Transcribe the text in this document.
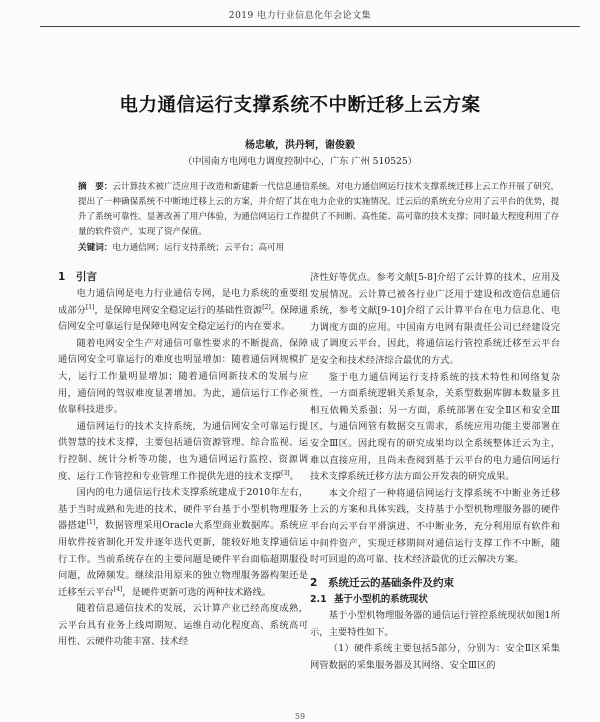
2019 电力行业信息化年会论文集
电力通信运行支撑系统不中断迁移上云方案
杨忠敏，洪丹轲，谢俊毅
（中国南方电网电力调度控制中心，广东 广州 510525）

摘　要：云计算技术被广泛应用于改造和新建新一代信息通信系统。对电力通信网运行技术支撑系统迁移上云工作开展了研究，提出了一种确保系统不中断地迁移上云的方案，并介绍了其在电力企业的实施情况。迁云后的系统充分应用了云平台的优势，提升了系统可靠性、显著改善了用户体验，为通信网运行工作提供了不间断、高性能、高可靠的技术支撑；同时最大程度利用了存量的软件资产，实现了资产保值。

关键词：电力通信网；运行支持系统；云平台；高可用

1 引言

电力通信网是电力行业通信专网，是电力系统的重要组成部分[1]，是保障电网安全稳定运行的基础性资源[2]。保障通信网安全可靠运行是保障电网安全稳定运行的内在要求。

随着电网安全生产对通信可靠性要求的不断提高，保障通信网安全可靠运行的难度也明显增加：随着通信网规模扩大，运行工作量明显增加；随着通信网新技术的发展与应用，通信网的驾驭难度显著增加。为此，通信运行工作必须依靠科技进步。

通信网运行的技术支持系统，为通信网安全可靠运行提供智慧的技术支撑，主要包括通信资源管理、综合监视、运行控制、统计分析等功能，也为通信网运行监控、资源调度、运行工作管控和专业管理工作提供先进的技术支撑[3]。

国内的电力通信运行技术支撑系统建成于2010年左右，基于当时成熟和先进的技术，硬件平台基于小型机物理服务器搭建[1]，数据管理采用Oracle大系型商业数据库。系统应用软件按省制化开发并逐年迭代更新，能较好地支撑通信运行工作。当前系统存在的主要问题是硬件平台面临超期服役问题，故障频发。继续沿用原来的独立物理服务器构架还是迁移至云平台[4]，是硬件更新可选的两种技术路线。

随着信息通信技术的发展，云计算产业已经高度成熟，云平台具有业务上线周期短、运维自动化程度高、系统高可用性、云硬件功能丰富、技术经

济性好等优点。参考文献[5-8]介绍了云计算的技术、应用及发展情况。云计算已被各行业广泛用于建设和改造信息通信系统，参考文献[9-10]介绍了云计算平台在电力信息化、电力调度方面的应用。中国南方电网有限责任公司已经建设完成了调度云平台，因此，将通信运行管控系统迁移至云平台是安全和技术经济综合最优的方式。

鉴于电力通信网运行支持系统的技术特性和网络复杂性，一方面系统逻辑关系复杂，关系型数据库脚本数量多且相互依赖关系强；另一方面，系统部署在安全Ⅱ区和安全Ⅲ区，与通信网管有数据交互需求，系统应用功能主要部署在安全Ⅲ区。因此现有的研究成果均以全系统整体迁云为主，难以直接应用，且尚未查阅到基于云平台的电力通信网运行技术支撑系统迁移方法方面公开发表的研究成果。

本文介绍了一种将通信网运行支撑系统不中断业务迁移上云的方案和具体实践，支持基于小型机物理服务器的硬件平台向云平台平滑演进、不中断业务，充分利用原有软件和中间件资产，实现迁移期间对通信运行支撑工作不中断，随时可回退的高可靠、技术经济最优的迁云解决方案。

2 系统迁云的基础条件及约束
2.1 基于小型机的系统现状

基于小型机物理服务器的通信运行管控系统现状如图1所示，主要特性如下。

（1）硬件系统主要包括5部分，分别为：安全Ⅱ区采集网管数据的采集服务器及其网络、安全Ⅲ区的

59
